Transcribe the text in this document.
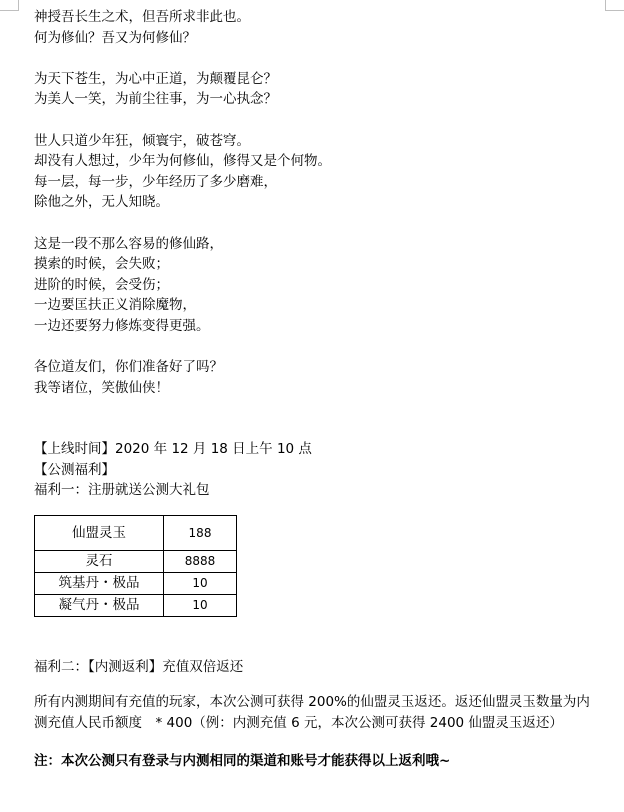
神授吾长生之术，但吾所求非此也。
何为修仙？吾又为何修仙？
为天下苍生，为心中正道，为颠覆昆仑？
为美人一笑，为前尘往事，为一心执念？
世人只道少年狂，倾寰宇，破苍穹。
却没有人想过，少年为何修仙，修得又是个何物。
每一层，每一步，少年经历了多少磨难，
除他之外，无人知晓。
这是一段不那么容易的修仙路，
摸索的时候，会失败；
进阶的时候，会受伤；
一边要匡扶正义消除魔物，
一边还要努力修炼变得更强。
各位道友们，你们准备好了吗？
我等诸位，笑傲仙侠！
【上线时间】2020 年 12 月 18 日上午 10 点
【公测福利】
福利一：注册就送公测大礼包
仙盟灵玉	188
灵石	8888
筑基丹・极品	10
凝气丹・极品	10
福利二：【内测返利】充值双倍返还
所有内测期间有充值的玩家，本次公测可获得 200%的仙盟灵玉返还。返还仙盟灵玉数量为内测充值人民币额度　* 400（例：内测充值 6 元，本次公测可获得 2400 仙盟灵玉返还）
注：本次公测只有登录与内测相同的渠道和账号才能获得以上返利哦~
